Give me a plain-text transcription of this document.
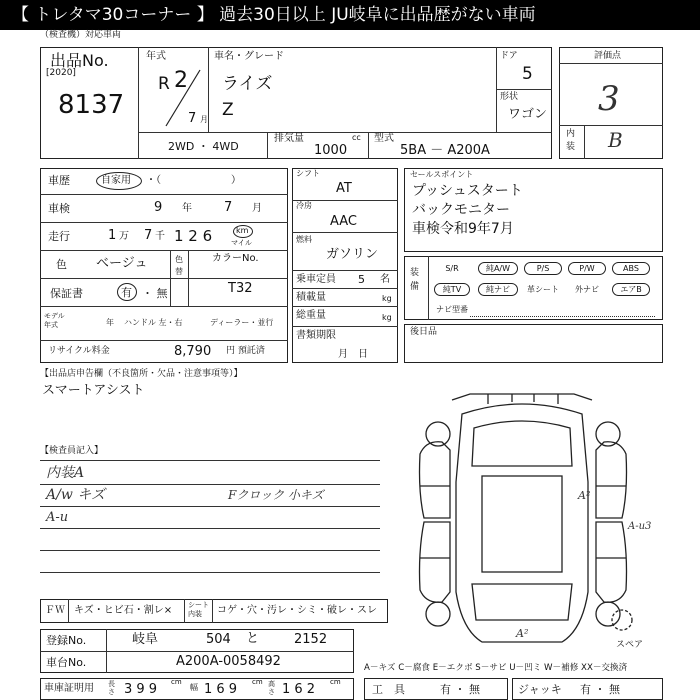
【 トレタマ30コーナー 】 過去30日以上 JU岐阜に出品歴がない車両
（検査機）対応車両
出品No.
[2020]
8137
年式
R 2
7 月
車名・グレード
ライズ
Z
ドア
5
形状
ワゴン
2WD ・ 4WD
排気量	cc
1000
型式
5BA － A200A
評価点
3
内装 B
車歴	自家用 ・（　　　　　　　）
車検	9 年 7 月
走行	1 万 7 千 1 2 6	km
マイル
色 ベージュ	色替
カラーNo.
T32
保証書	有 ・ 無
モデル年式	年 ハンドル 左・右	ディーラー・並行
リサイクル料金	8,790 円 預託済
シフト
AT
冷房
AAC
燃料
ガソリン
乗車定員 5 名
積載量	kg
総重量	kg
書類期限
月　日
セールスポイント
プッシュスタート
バックモニター
車検令和9年7月
装備
S/R	純A/W	P/S	P/W	ABS
純TV	純ナビ	革シート	外ナビ	エアB
ナビ型番
後日品
【出品店申告欄（不良箇所・欠品・注意事項等）】
スマートアシスト
【検査員記入】
内装A
A/w キズ
A-u
Fクロック 小キズ
ＦＷ キズ・ヒビ石・割レ× シート内装	コゲ・穴・汚レ・シミ・破レ・スレ
登録No.	岐阜	504 と	2152
車台No.	A200A-0058492
車庫証明用 長さ 3 9 9 cm
幅 1 6 9 cm 高さ 1 6 2 cm
A－キズ C－腐食 E－エクボ S－サビ U－凹ミ W－補修 XX－交換済
工　具	有 ・ 無	ジャッキ 有 ・ 無
A²
A-u3
A²
スペア
